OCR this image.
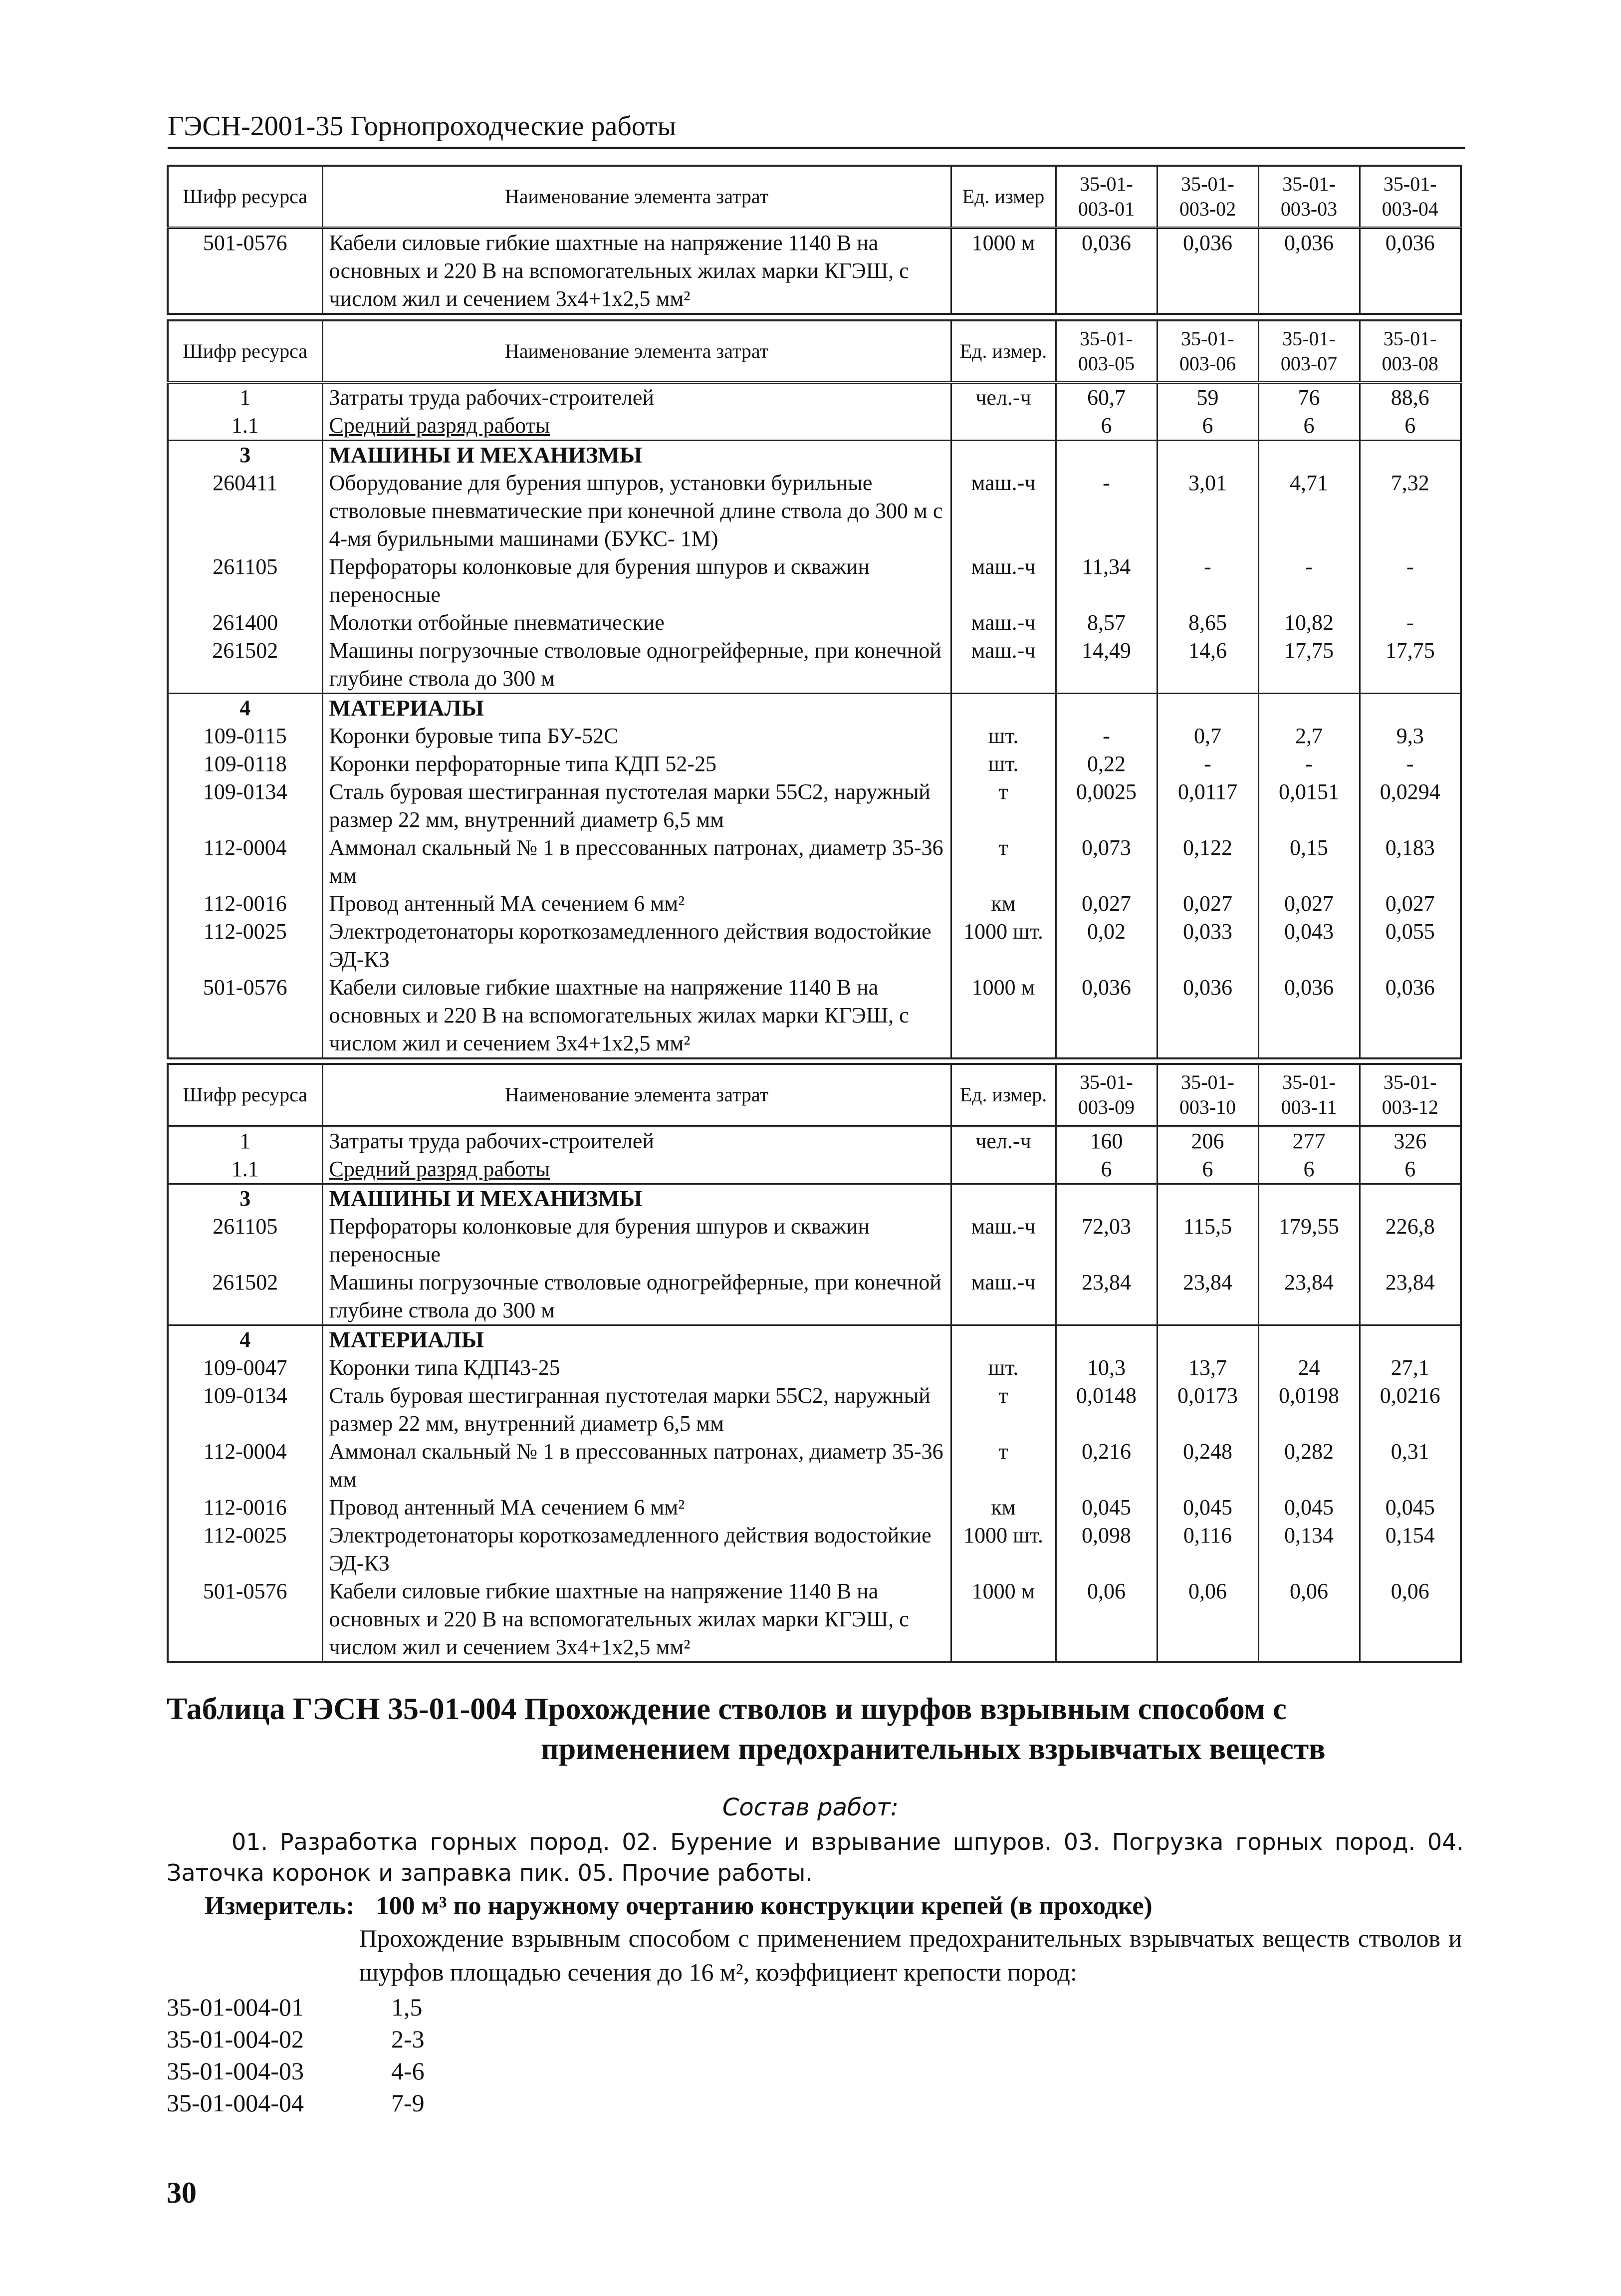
ГЭСН-2001-35 Горнопроходческие работы
Шифр ресурса	Наименование элемента затрат	Ед. измер	35-01-003-01	35-01-003-02	35-01-003-03	35-01-003-04
501-0576	Кабели силовые гибкие шахтные на напряжение 1140 В на основных и 220 В на вспомогательных жилах марки КГЭШ, с числом жил и сечением 3х4+1х2,5 мм²	1000 м	0,036	0,036	0,036	0,036
Шифр ресурса	Наименование элемента затрат	Ед. измер.	35-01-003-05	35-01-003-06	35-01-003-07	35-01-003-08
1	Затраты труда рабочих-строителей	чел.-ч	60,7	59	76	88,6
1.1	Средний разряд работы		6	6	6	6
3	МАШИНЫ И МЕХАНИЗМЫ					
260411	Оборудование для бурения шпуров, установки бурильные стволовые пневматические при конечной длине ствола до 300 м с 4-мя бурильными машинами (БУКС- 1М)	маш.-ч	-	3,01	4,71	7,32
261105	Перфораторы колонковые для бурения шпуров и скважин переносные	маш.-ч	11,34	-	-	-
261400	Молотки отбойные пневматические	маш.-ч	8,57	8,65	10,82	-
261502	Машины погрузочные стволовые одногрейферные, при конечной глубине ствола до 300 м	маш.-ч	14,49	14,6	17,75	17,75
4	МАТЕРИАЛЫ					
109-0115	Коронки буровые типа БУ-52С	шт.	-	0,7	2,7	9,3
109-0118	Коронки перфораторные типа КДП 52-25	шт.	0,22	-	-	-
109-0134	Сталь буровая шестигранная пустотелая марки 55С2, наружный размер 22 мм, внутренний диаметр 6,5 мм	т	0,0025	0,0117	0,0151	0,0294
112-0004	Аммонал скальный № 1 в прессованных патронах, диаметр 35-36 мм	т	0,073	0,122	0,15	0,183
112-0016	Провод антенный МА сечением 6 мм²	км	0,027	0,027	0,027	0,027
112-0025	Электродетонаторы короткозамедленного действия водостойкие ЭД-КЗ	1000 шт.	0,02	0,033	0,043	0,055
501-0576	Кабели силовые гибкие шахтные на напряжение 1140 В на основных и 220 В на вспомогательных жилах марки КГЭШ, с числом жил и сечением 3х4+1х2,5 мм²	1000 м	0,036	0,036	0,036	0,036
Шифр ресурса	Наименование элемента затрат	Ед. измер.	35-01-003-09	35-01-003-10	35-01-003-11	35-01-003-12
1	Затраты труда рабочих-строителей	чел.-ч	160	206	277	326
1.1	Средний разряд работы		6	6	6	6
3	МАШИНЫ И МЕХАНИЗМЫ					
261105	Перфораторы колонковые для бурения шпуров и скважин переносные	маш.-ч	72,03	115,5	179,55	226,8
261502	Машины погрузочные стволовые одногрейферные, при конечной глубине ствола до 300 м	маш.-ч	23,84	23,84	23,84	23,84
4	МАТЕРИАЛЫ					
109-0047	Коронки типа КДП43-25	шт.	10,3	13,7	24	27,1
109-0134	Сталь буровая шестигранная пустотелая марки 55С2, наружный размер 22 мм, внутренний диаметр 6,5 мм	т	0,0148	0,0173	0,0198	0,0216
112-0004	Аммонал скальный № 1 в прессованных патронах, диаметр 35-36 мм	т	0,216	0,248	0,282	0,31
112-0016	Провод антенный МА сечением 6 мм²	км	0,045	0,045	0,045	0,045
112-0025	Электродетонаторы короткозамедленного действия водостойкие ЭД-КЗ	1000 шт.	0,098	0,116	0,134	0,154
501-0576	Кабели силовые гибкие шахтные на напряжение 1140 В на основных и 220 В на вспомогательных жилах марки КГЭШ, с числом жил и сечением 3х4+1х2,5 мм²	1000 м	0,06	0,06	0,06	0,06
Таблица ГЭСН 35-01-004 Прохождение стволов и шурфов взрывным способом с
применением предохранительных взрывчатых веществ
Состав работ:
01. Разработка горных пород. 02. Бурение и взрывание шпуров. 03. Погрузка горных пород. 04. Заточка коронок и заправка пик. 05. Прочие работы.
Измеритель: 100 м³ по наружному очертанию конструкции крепей (в проходке)
Прохождение взрывным способом с применением предохранительных взрывчатых веществ стволов и шурфов площадью сечения до 16 м², коэффициент крепости пород:
35-01-004-01	1,5
35-01-004-02	2-3
35-01-004-03	4-6
35-01-004-04	7-9
30
